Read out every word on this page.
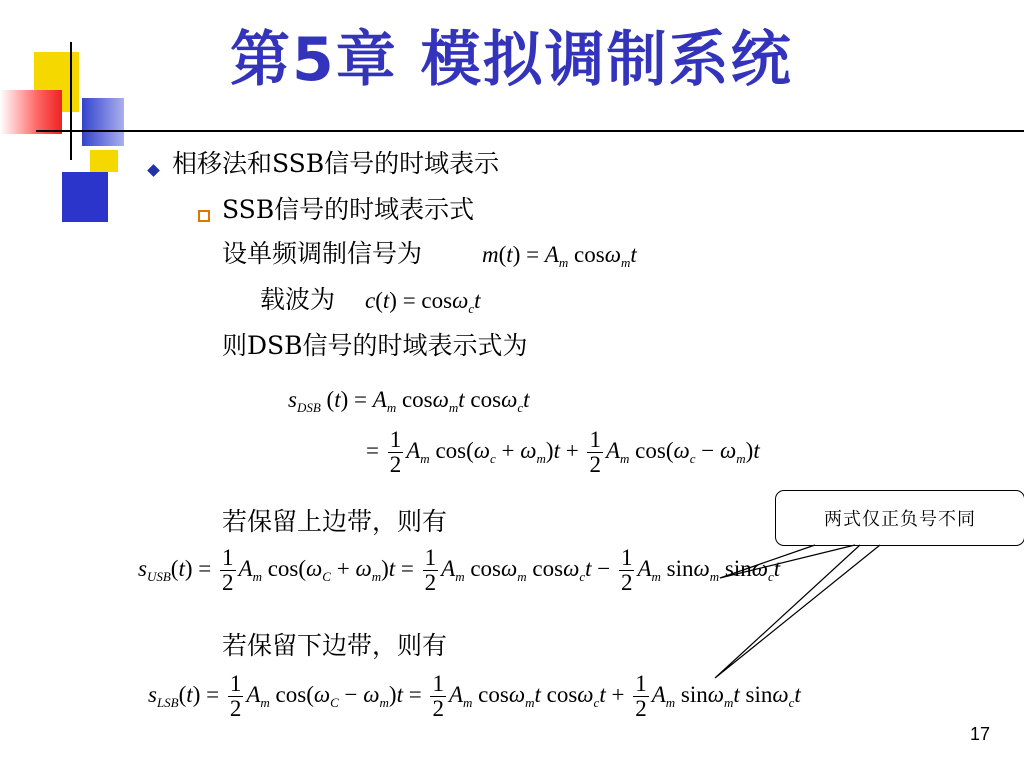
第5章 模拟调制系统
相移法和SSB信号的时域表示
SSB信号的时域表示式
设单频调制信号为	$m(t) = A_m$ cosω$_m$t
载波为 c(t) = cosω$_c$t
则DSB信号的时域表示式为
$s_{DSB}$ $(t) = A_m$ cosω$_m$t cosω$_c$t
= $\frac{1}{2} A_m$ $\cos(\omega_c + \omega_m)t + \frac{1}{2} A_m$ $\cos(\omega_c - \omega_m)t$
若保留上边带，则有	两式仅正负号不同
$s_{USB}(t) = \frac{1}{2} A_m$ $\cos(\omega_C + \omega_m)t = \frac{1}{2} A_m$ cosω$_m$ $\cos\omega_ct - \frac{1}{2} A_m$ sinω$_m$ sinω$_c$t
若保留下边带，则有
$s_{LSB}(t) = \frac{1}{2} A_m$ $\cos(\omega_C - \omega_m)t = \frac{1}{2} A_m$ cosω$_m$t $\cos\omega_ct + \frac{1}{2} A_m$ sinω$_m$t sinω$_c$t
17
